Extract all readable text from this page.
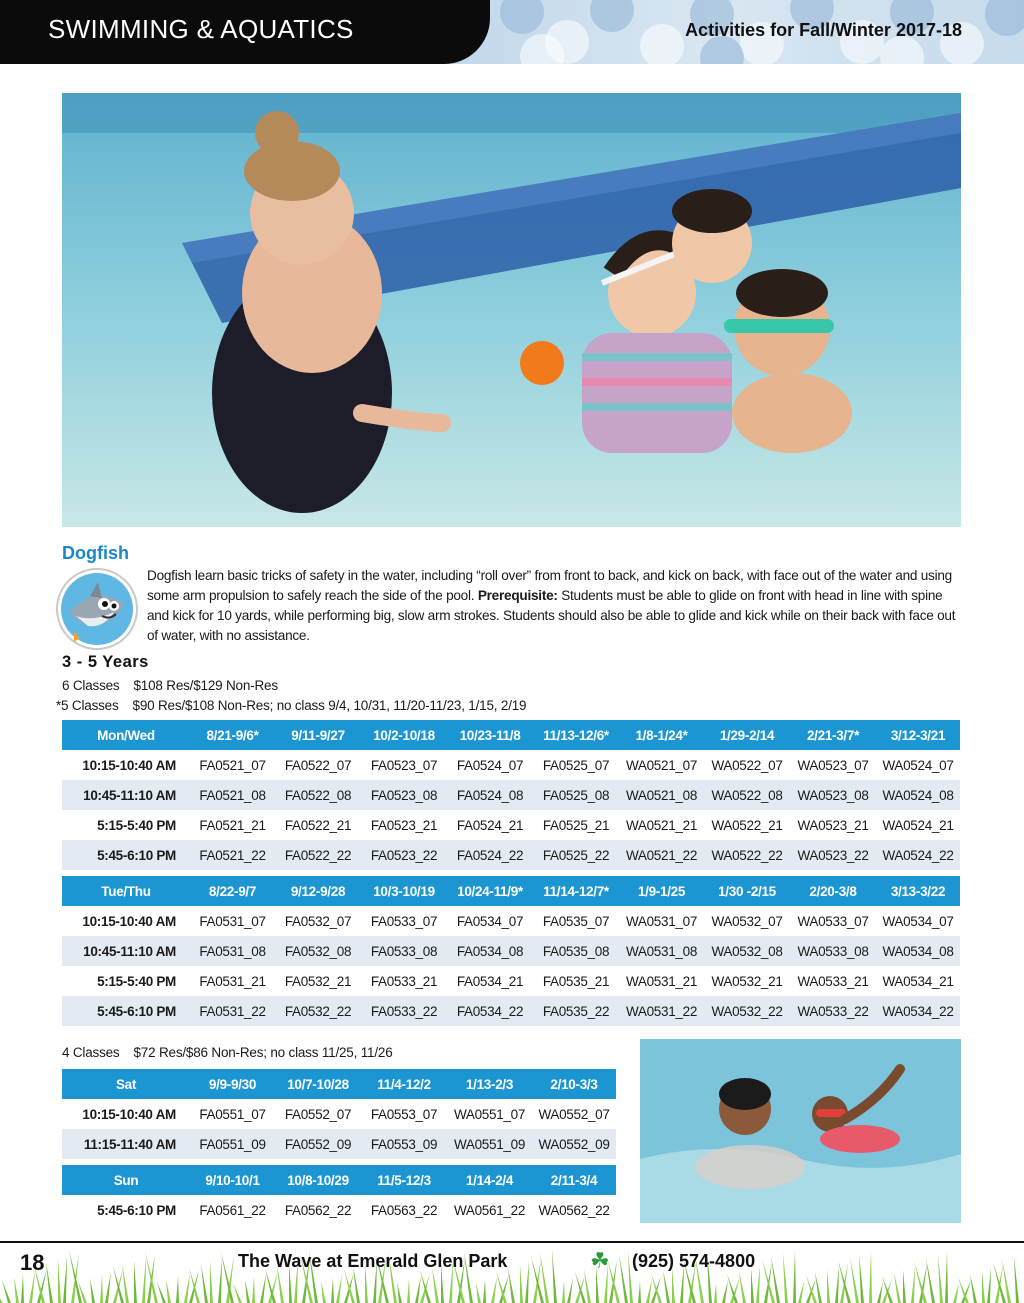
SWIMMING & AQUATICS	Activities for Fall/Winter 2017-18
Dogfish
Dogfish learn basic tricks of safety in the water, including “roll over” from front to back, and kick on back, with face out of the water and using some arm propulsion to safely reach the side of the pool. Prerequisite: Students must be able to glide on front with head in line with spine and kick for 10 yards, while performing big, slow arm strokes. Students should also be able to glide and kick while on their back with face out of water, with no assistance.
3 - 5 Years
6 Classes $108 Res/$129 Non-Res
*5 Classes $90 Res/$108 Non-Res; no class 9/4, 10/31, 11/20-11/23, 1/15, 2/19
Mon/Wed	8/21-9/6*	9/11-9/27	10/2-10/18	10/23-11/8	11/13-12/6*	1/8-1/24*	1/29-2/14	2/21-3/7*	3/12-3/21
10:15-10:40 AM	FA0521_07	FA0522_07	FA0523_07	FA0524_07	FA0525_07	WA0521_07	WA0522_07	WA0523_07	WA0524_07
10:45-11:10 AM	FA0521_08	FA0522_08	FA0523_08	FA0524_08	FA0525_08	WA0521_08	WA0522_08	WA0523_08	WA0524_08
5:15-5:40 PM	FA0521_21	FA0522_21	FA0523_21	FA0524_21	FA0525_21	WA0521_21	WA0522_21	WA0523_21	WA0524_21
5:45-6:10 PM	FA0521_22	FA0522_22	FA0523_22	FA0524_22	FA0525_22	WA0521_22	WA0522_22	WA0523_22	WA0524_22

Tue/Thu	8/22-9/7	9/12-9/28	10/3-10/19	10/24-11/9*	11/14-12/7*	1/9-1/25	1/30 -2/15	2/20-3/8	3/13-3/22
10:15-10:40 AM	FA0531_07	FA0532_07	FA0533_07	FA0534_07	FA0535_07	WA0531_07	WA0532_07	WA0533_07	WA0534_07
10:45-11:10 AM	FA0531_08	FA0532_08	FA0533_08	FA0534_08	FA0535_08	WA0531_08	WA0532_08	WA0533_08	WA0534_08
5:15-5:40 PM	FA0531_21	FA0532_21	FA0533_21	FA0534_21	FA0535_21	WA0531_21	WA0532_21	WA0533_21	WA0534_21
5:45-6:10 PM	FA0531_22	FA0532_22	FA0533_22	FA0534_22	FA0535_22	WA0531_22	WA0532_22	WA0533_22	WA0534_22
4 Classes $72 Res/$86 Non-Res; no class 11/25, 11/26
Sat	9/9-9/30	10/7-10/28	11/4-12/2	1/13-2/3	2/10-3/3
10:15-10:40 AM	FA0551_07	FA0552_07	FA0553_07	WA0551_07	WA0552_07
11:15-11:40 AM	FA0551_09	FA0552_09	FA0553_09	WA0551_09	WA0552_09

Sun	9/10-10/1	10/8-10/29	11/5-12/3	1/14-2/4	2/11-3/4
5:45-6:10 PM	FA0561_22	FA0562_22	FA0563_22	WA0561_22	WA0562_22
18	The Wave at Emerald Glen Park	☘ (925) 574-4800
